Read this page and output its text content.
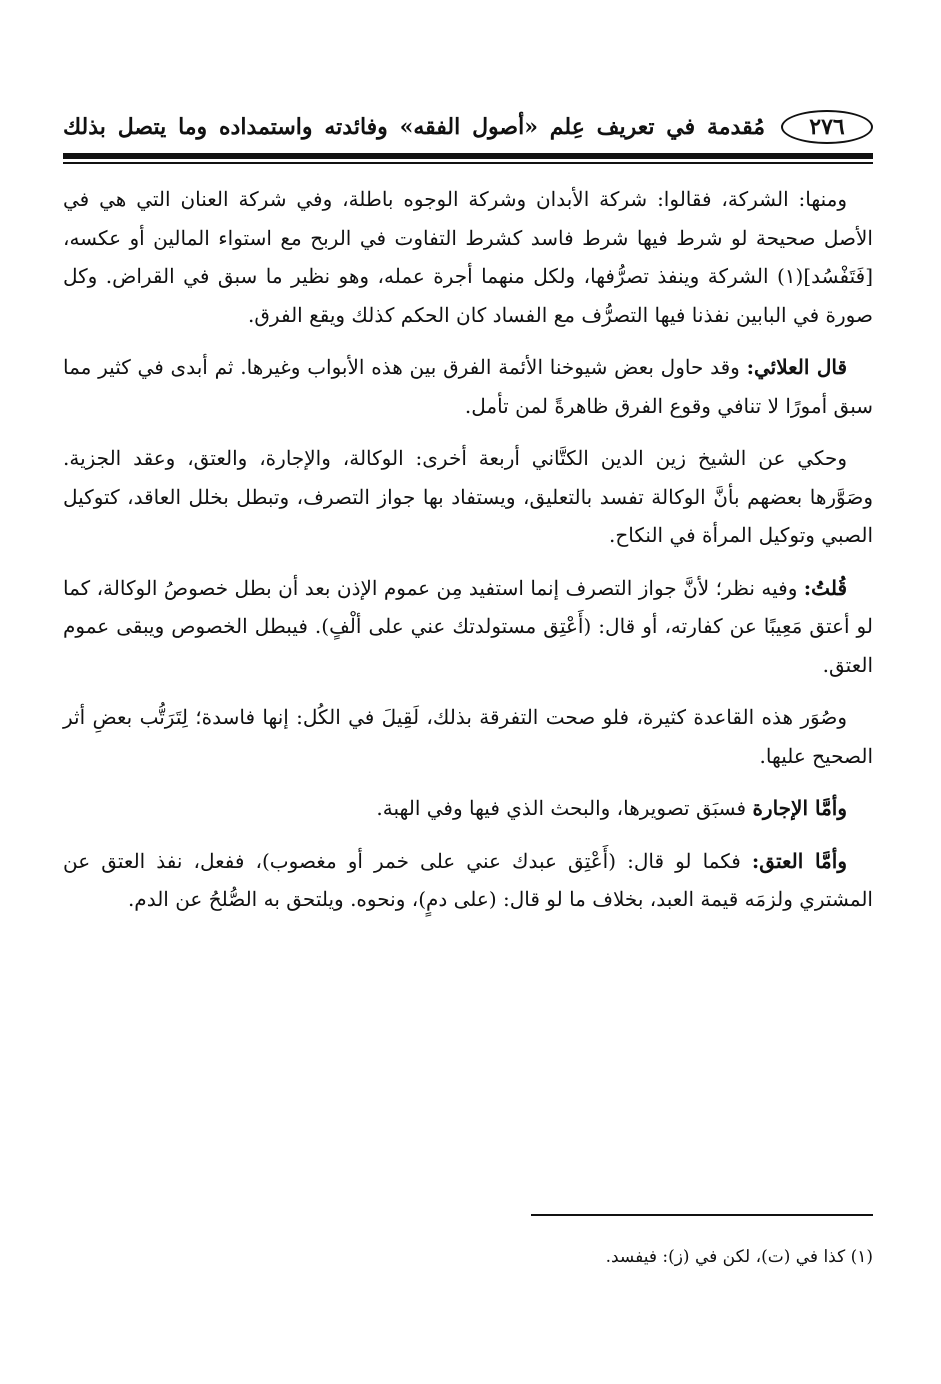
٢٧٦
مُقدمة في تعريف عِلم «أصول الفقه» وفائدته واستمداده وما يتصل بذلك

ومنها: الشركة، فقالوا: شركة الأبدان وشركة الوجوه باطلة، وفي شركة العنان التي هي في الأصل صحيحة لو شرط فيها شرط فاسد كشرط التفاوت في الربح مع استواء المالين أو عكسه، [فَتَفْسُد](١) الشركة وينفذ تصرُّفها، ولكل منهما أجرة عمله، وهو نظير ما سبق في القراض. وكل صورة في البابين نفذنا فيها التصرُّف مع الفساد كان الحكم كذلك ويقع الفرق.

قال العلائي: وقد حاول بعض شيوخنا الأئمة الفرق بين هذه الأبواب وغيرها. ثم أبدى في كثير مما سبق أمورًا لا تنافي وقوع الفرق ظاهرةً لمن تأمل.

وحكي عن الشيخ زين الدين الكتَّاني أربعة أخرى: الوكالة، والإجارة، والعتق، وعقد الجزية. وصَوَّرها بعضهم بأنَّ الوكالة تفسد بالتعليق، ويستفاد بها جواز التصرف، وتبطل بخلل العاقد، كتوكيل الصبي وتوكيل المرأة في النكاح.

قُلتُ: وفيه نظر؛ لأنَّ جواز التصرف إنما استفيد مِن عموم الإذن بعد أن بطل خصوصُ الوكالة، كما لو أعتق مَعِيبًا عن كفارته، أو قال: (أَعْتِق مستولدتك عني على ألْفٍ). فيبطل الخصوص ويبقى عموم العتق.

وصُوَر هذه القاعدة كثيرة، فلو صحت التفرقة بذلك، لَقِيلَ في الكُل: إنها فاسدة؛ لِتَرَتُّب بعضِ أثر الصحيح عليها.

وأمَّا الإجارة فسبَق تصويرها، والبحث الذي فيها وفي الهبة.

وأمَّا العتق: فكما لو قال: (أَعْتِق عبدك عني على خمر أو مغصوب)، ففعل، نفذ العتق عن المشتري ولزمَه قيمة العبد، بخلاف ما لو قال: (على دمٍ)، ونحوه. ويلتحق به الصُّلحُ عن الدم.

(١) كذا في (ت)، لكن في (ز): فيفسد.
